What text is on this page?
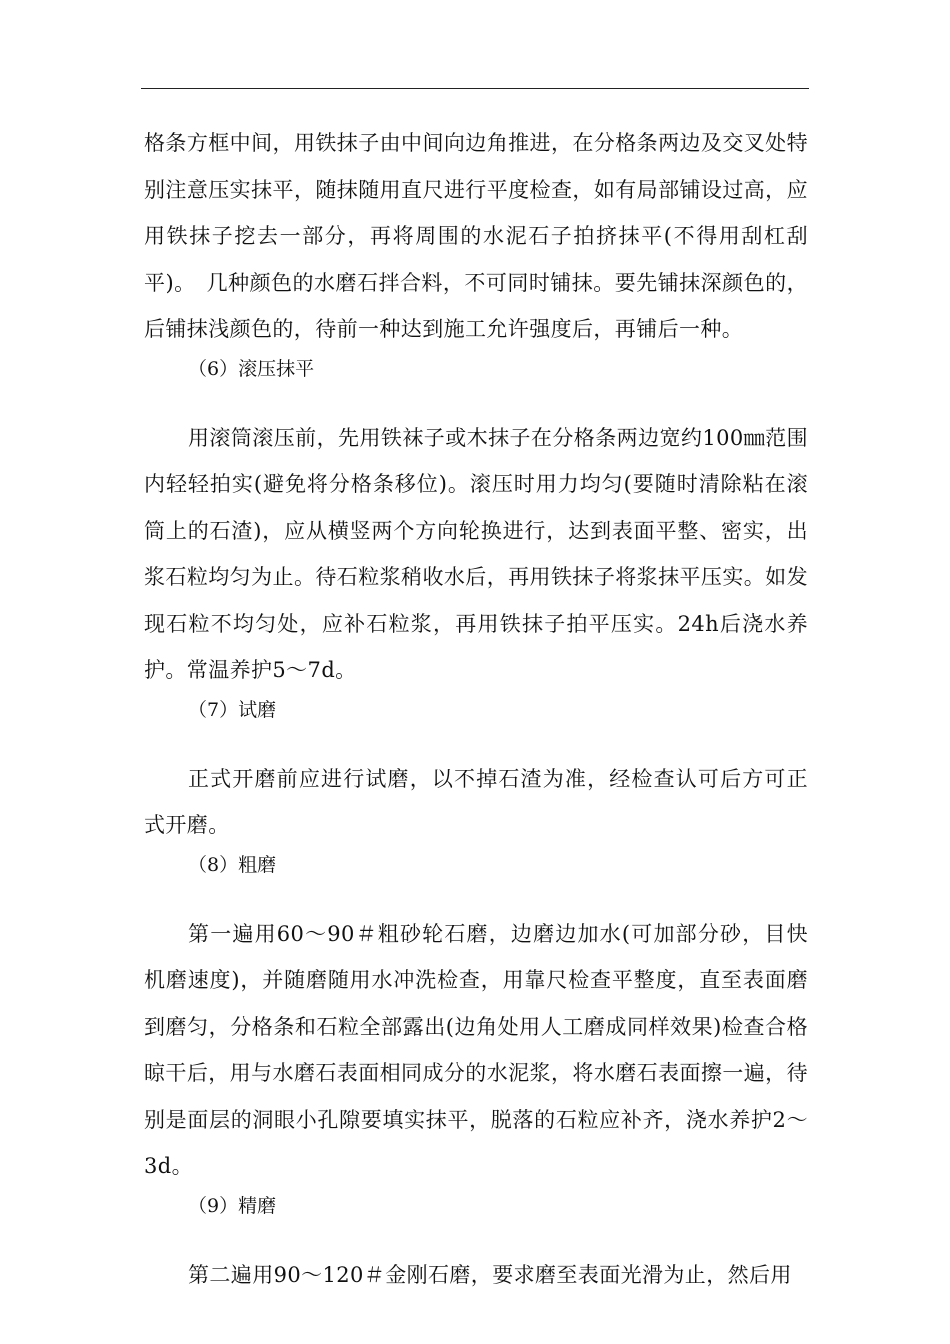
格条方框中间，用铁抹子由中间向边角推进，在分格条两边及交叉处特别注意压实抹平，随抹随用直尺进行平度检查，如有局部铺设过高，应用铁抹子挖去一部分，再将周围的水泥石子拍挤抹平(不得用刮杠刮平)。　几种颜色的水磨石拌合料，不可同时铺抹。要先铺抹深颜色的，后铺抹浅颜色的，待前一种达到施工允许强度后，再铺后一种。

（6）滚压抹平

用滚筒滚压前，先用铁袜子或木抹子在分格条两边宽约100㎜范围内轻轻拍实(避免将分格条移位)。滚压时用力均匀(要随时清除粘在滚筒上的石渣)，应从横竖两个方向轮换进行，达到表面平整、密实，出浆石粒均匀为止。待石粒浆稍收水后，再用铁抹子将浆抹平压实。如发现石粒不均匀处，应补石粒浆，再用铁抹子拍平压实。24h后浇水养护。常温养护5～7d。

（7）试磨

正式开磨前应进行试磨，以不掉石渣为准，经检查认可后方可正式开磨。

（8）粗磨

第一遍用60～90＃粗砂轮石磨，边磨边加水(可加部分砂，目快机磨速度)，并随磨随用水冲洗检查，用靠尺检查平整度，直至表面磨到磨匀，分格条和石粒全部露出(边角处用人工磨成同样效果)检查合格晾干后，用与水磨石表面相同成分的水泥浆，将水磨石表面擦一遍，待别是面层的洞眼小孔隙要填实抹平，脱落的石粒应补齐，浇水养护2～3d。

（9）精磨

第二遍用90～120＃金刚石磨，要求磨至表面光滑为止，然后用
